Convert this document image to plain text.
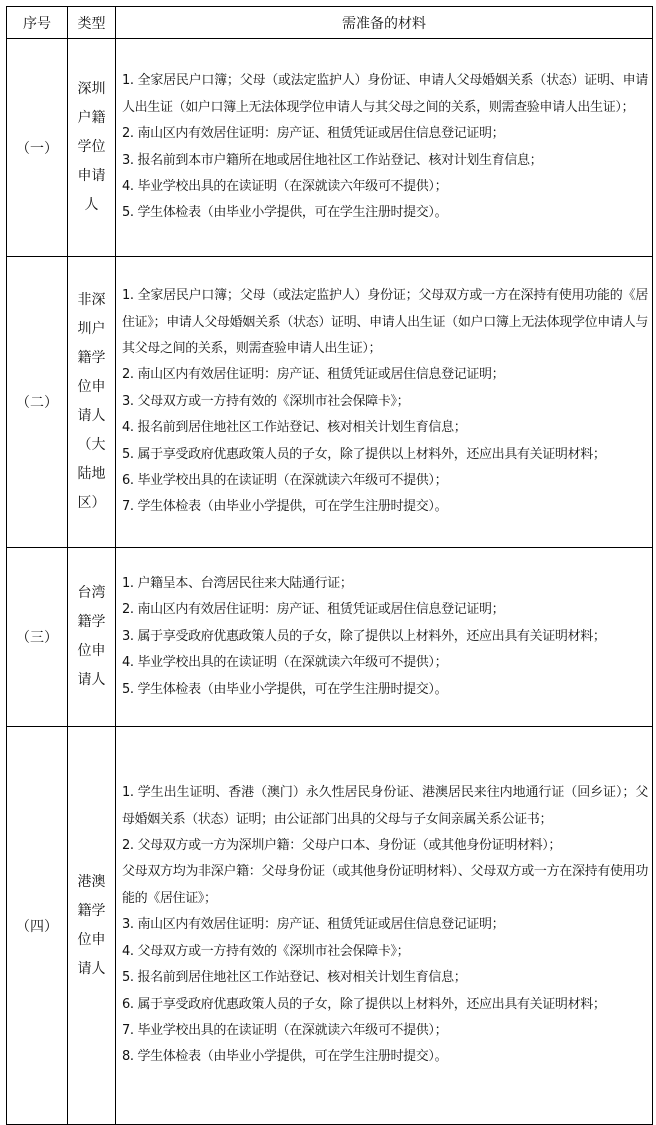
序号	类型	需准备的材料
（一）	深圳户籍学位申请人	1. 全家居民户口簿；父母（或法定监护人）身份证、申请人父母婚姻关系（状态）证明、申请人出生证（如户口簿上无法体现学位申请人与其父母之间的关系，则需查验申请人出生证）；
2. 南山区内有效居住证明：房产证、租赁凭证或居住信息登记证明；
3. 报名前到本市户籍所在地或居住地社区工作站登记、核对计划生育信息；
4. 毕业学校出具的在读证明（在深就读六年级可不提供）；
5. 学生体检表（由毕业小学提供，可在学生注册时提交）。

（二）	非深圳户籍学位申请人（大陆地区）	
1. 全家居民户口簿；父母（或法定监护人）身份证；父母双方或一方在深持有使用功能的《居住证》；申请人父母婚姻关系（状态）证明、申请人出生证（如户口簿上无法体现学位申请人与其父母之间的关系，则需查验申请人出生证）；
2. 南山区内有效居住证明：房产证、租赁凭证或居住信息登记证明；
3. 父母双方或一方持有效的《深圳市社会保障卡》；
4. 报名前到居住地社区工作站登记、核对相关计划生育信息；
5. 属于享受政府优惠政策人员的子女，除了提供以上材料外，还应出具有关证明材料；
6. 毕业学校出具的在读证明（在深就读六年级可不提供）；
7. 学生体检表（由毕业小学提供，可在学生注册时提交）。

（三）	台湾籍学位申请人	1. 户籍呈本、台湾居民往来大陆通行证；
2. 南山区内有效居住证明：房产证、租赁凭证或居住信息登记证明；
3. 属于享受政府优惠政策人员的子女，除了提供以上材料外，还应出具有关证明材料；
4. 毕业学校出具的在读证明（在深就读六年级可不提供）；
5. 学生体检表（由毕业小学提供，可在学生注册时提交）。

（四）	港澳籍学位申请人	
1. 学生出生证明、香港（澳门）永久性居民身份证、港澳居民来往内地通行证（回乡证）；父母婚姻关系（状态）证明；由公证部门出具的父母与子女间亲属关系公证书；
2. 父母双方或一方为深圳户籍：父母户口本、身份证（或其他身份证明材料）；
父母双方均为非深户籍：父母身份证（或其他身份证明材料）、父母双方或一方在深持有使用功能的《居住证》；
3. 南山区内有效居住证明：房产证、租赁凭证或居住信息登记证明；
4. 父母双方或一方持有效的《深圳市社会保障卡》；
5. 报名前到居住地社区工作站登记、核对相关计划生育信息；
6. 属于享受政府优惠政策人员的子女，除了提供以上材料外，还应出具有关证明材料；
7. 毕业学校出具的在读证明（在深就读六年级可不提供）；
8. 学生体检表（由毕业小学提供，可在学生注册时提交）。
